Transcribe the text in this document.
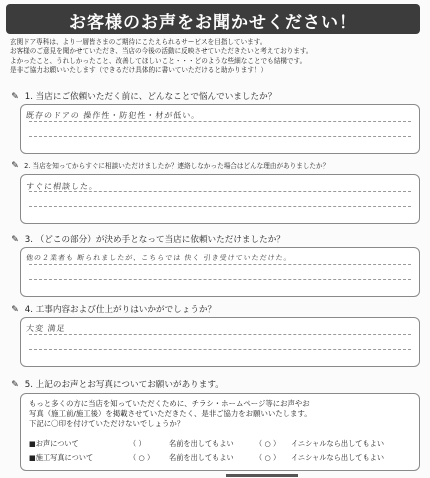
お客様のお声をお聞かせください！
玄関ドア専科は、より一層皆さまのご期待にこたえられるサービスを目指しています。
お客様のご意見を聞かせていただき、当店の今後の活動に反映させていただきたいと考えております。
よかったこと、うれしかったこと、改善してほしいこと・・・どのような些細なことでも結構です。
是非ご協力お願いいたします（できるだけ具体的に書いていただけると助かります！）
✎ 1. 当店にご依頼いただく前に、どんなことで悩んでいましたか？
既存のドアの 操作性・防犯性・材が低い。
✎ 2. 当店を知ってからすぐに相談いただけましたか？連絡しなかった場合はどんな理由がありましたか？
すぐに相談した。
✎ 3. （どこの部分）が決め手となって当店に依頼いただけましたか？
他の２業者も 断られましたが、こちらでは 快く 引き受けていただけた。
✎ 4. 工事内容および仕上がりはいかがでしょうか？
大変 満足
✎ 5. 上記のお声とお写真についてお願いがあります。
もっと多くの方に当店を知っていただくために、チラシ・ホームページ等にお声やお
写真（施工前/施工後）を掲載させていただきたく、是非ご協力をお願いいたします。
下記に〇印を付けていただけないでしょうか？
■お声について	（ ）	名前を出してもよい	（ ○ ） イニシャルなら出してもよい
■施工写真について	（ ○ ） 名前を出してもよい	（ ○ ） イニシャルなら出してもよい
